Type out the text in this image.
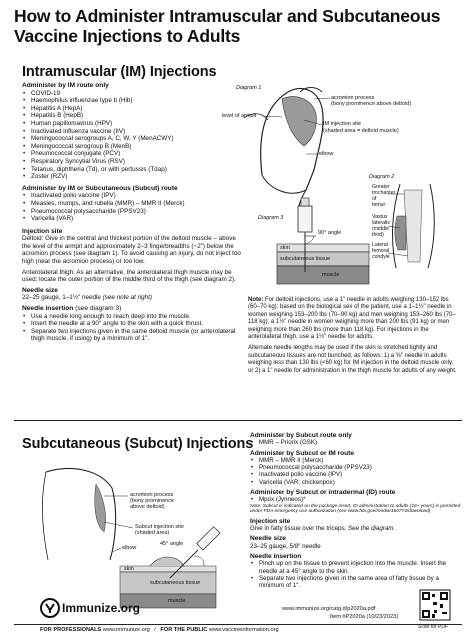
How to Administer Intramuscular and Subcutaneous
Vaccine Injections to Adults
Intramuscular (IM) Injections
Administer by IM route only
• COVID-19
• Haemophilus influenzae type b (Hib)
• Hepatitis A (HepA)
• Hepatitis B (HepB)
• Human papillomavirus (HPV)
• Inactivated influenza vaccine (IIV)
• Meningococcal serogroups A, C, W, Y (MenACWY)
• Meningococcal serogroup B (MenB)
• Pneumococcal conjugate (PCV)
• Respiratory Syncytial Virus (RSV)
• Tetanus, diphtheria (Td), or with pertussis (Tdap)
• Zoster (RZV)
Administer by IM or Subcutaneous (Subcut) route
• Inactivated polio vaccine (IPV)
• Measles, mumps, and rubella (MMR) – MMR II (Merck)
• Pneumococcal polysaccharide (PPSV23)
• Varicella (VAR)
Injection site

Deltoid: Give in the central and thickest portion of the deltoid muscle – above the level of the armpit and approximately 2–3 fingerbreadths (~2") below the acromion process (see diagram 1). To avoid causing an injury, do not inject too high (near the acromion process) or too low.

Anterolateral thigh: As an alternative, the anterolateral thigh muscle may be used; locate the outer portion of the middle third of the thigh (see diagram 2).

Needle size

22–25 gauge, 1–1½" needle (see note at right)

Needle insertion (see diagram 3)
• Use a needle long enough to reach deep into the muscle.
• Insert the needle at a 90° angle to the skin with a quick thrust.
• Separate two injections given in the same deltoid muscle (or anterolateral thigh muscle, if using) by a minimum of 1".
Diagram 1
acromion process
(bony prominence above deltoid)
level of armpit
IM injection site
(shaded area = deltoid muscle)
elbow
Diagram 2
Greater trochanter of femur
Vastus lateralis (middle third)
Lateral femoral condyle
Diagram 3
90° angle
skin
subcutaneous tissue
muscle

Note: For deltoid injections, use a 1" needle in adults weighing 130–152 lbs (60–70 kg); based on the biological sex of the patient, use a 1–1½" needle in women weighing 153–200 lbs (70–90 kg) and men weighing 153–260 lbs (70–118 kg); a 1½" needle in women weighing more than 200 lbs (91 kg) or men weighing more than 260 lbs (more than 118 kg). For injections in the anterolateral thigh, use a 1½" needle for adults.

Alternate needle lengths may be used if the skin is stretched tightly and subcutaneous tissues are not bunched, as follows: 1) a ⅝" needle in adults weighing less than 130 lbs (<60 kg) for IM injection in the deltoid muscle only, or 2) a 1" needle for administration in the thigh muscle for adults of any weight.

Subcutaneous (Subcut) Injections
acromion process
(bony prominence
above deltoid)
Subcut injection site
(shaded area)
elbow
45° angle
skin
subcutaneous tissue
muscle
Administer by Subcut route only
• MMR – Priorix (GSK)
Administer by Subcut or IM route
• MMR – MMR II (Merck)
• Pneumococcal polysaccharide (PPSV23)
• Inactivated polio vaccine (IPV)
• Varicella (VAR; chickenpox)
Administer by Subcut or intradermal (ID) route
• Mpox (Jynneos)*

Note: Subcut is indicated on the package insert. ID administration to adults (18+ years) is permitted under FDA emergency use authorization (see www.fda.gov/media/160774/download)

Injection site

Give in fatty tissue over the triceps. See the diagram.

Needle size

23–25 gauge, 5/8" needle

Needle insertion
• Pinch up on the tissue to prevent injection into the muscle. Insert the needle at a 45° angle to the skin.
• Separate two injections given in the same area of fatty tissue by a minimum of 1".
Immunize.org
FOR PROFESSIONALS www.immunize.org / FOR THE PUBLIC www.vaccineinformation.org
www.immunize.org/catg.d/p2020a.pdf
Item #P2020a (10/23/2023)
Scan for PDF
